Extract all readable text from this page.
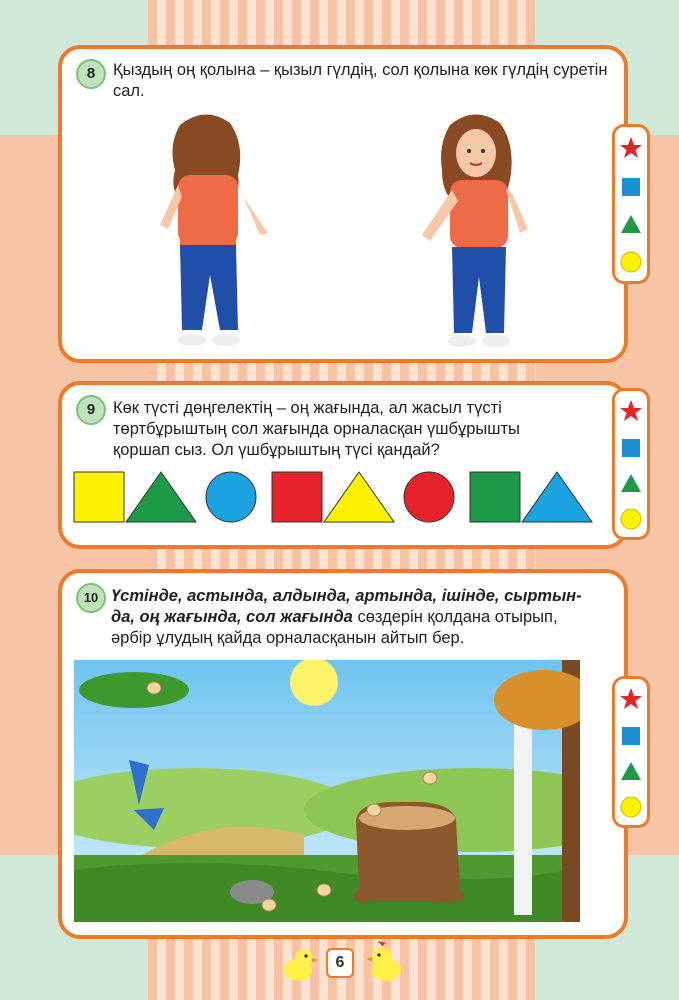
8	Қыздың оң қолына – қызыл гүлдің, сол қолына көк гүлдің суретін сал.
9	Көк түсті дөңгелектің – оң жағында, ал жасыл түсті
төртбұрыштың сол жағында орналасқан үшбұрышты
қоршап сыз. Ол үшбұрыштың түсі қандай?
10 Үстінде, астында, алдында, артында, ішінде, сыртын-
да, оң жағында, сол жағында сөздерін қолдана отырып,
әрбір ұлудың қайда орналасқанын айтып бер.
6
